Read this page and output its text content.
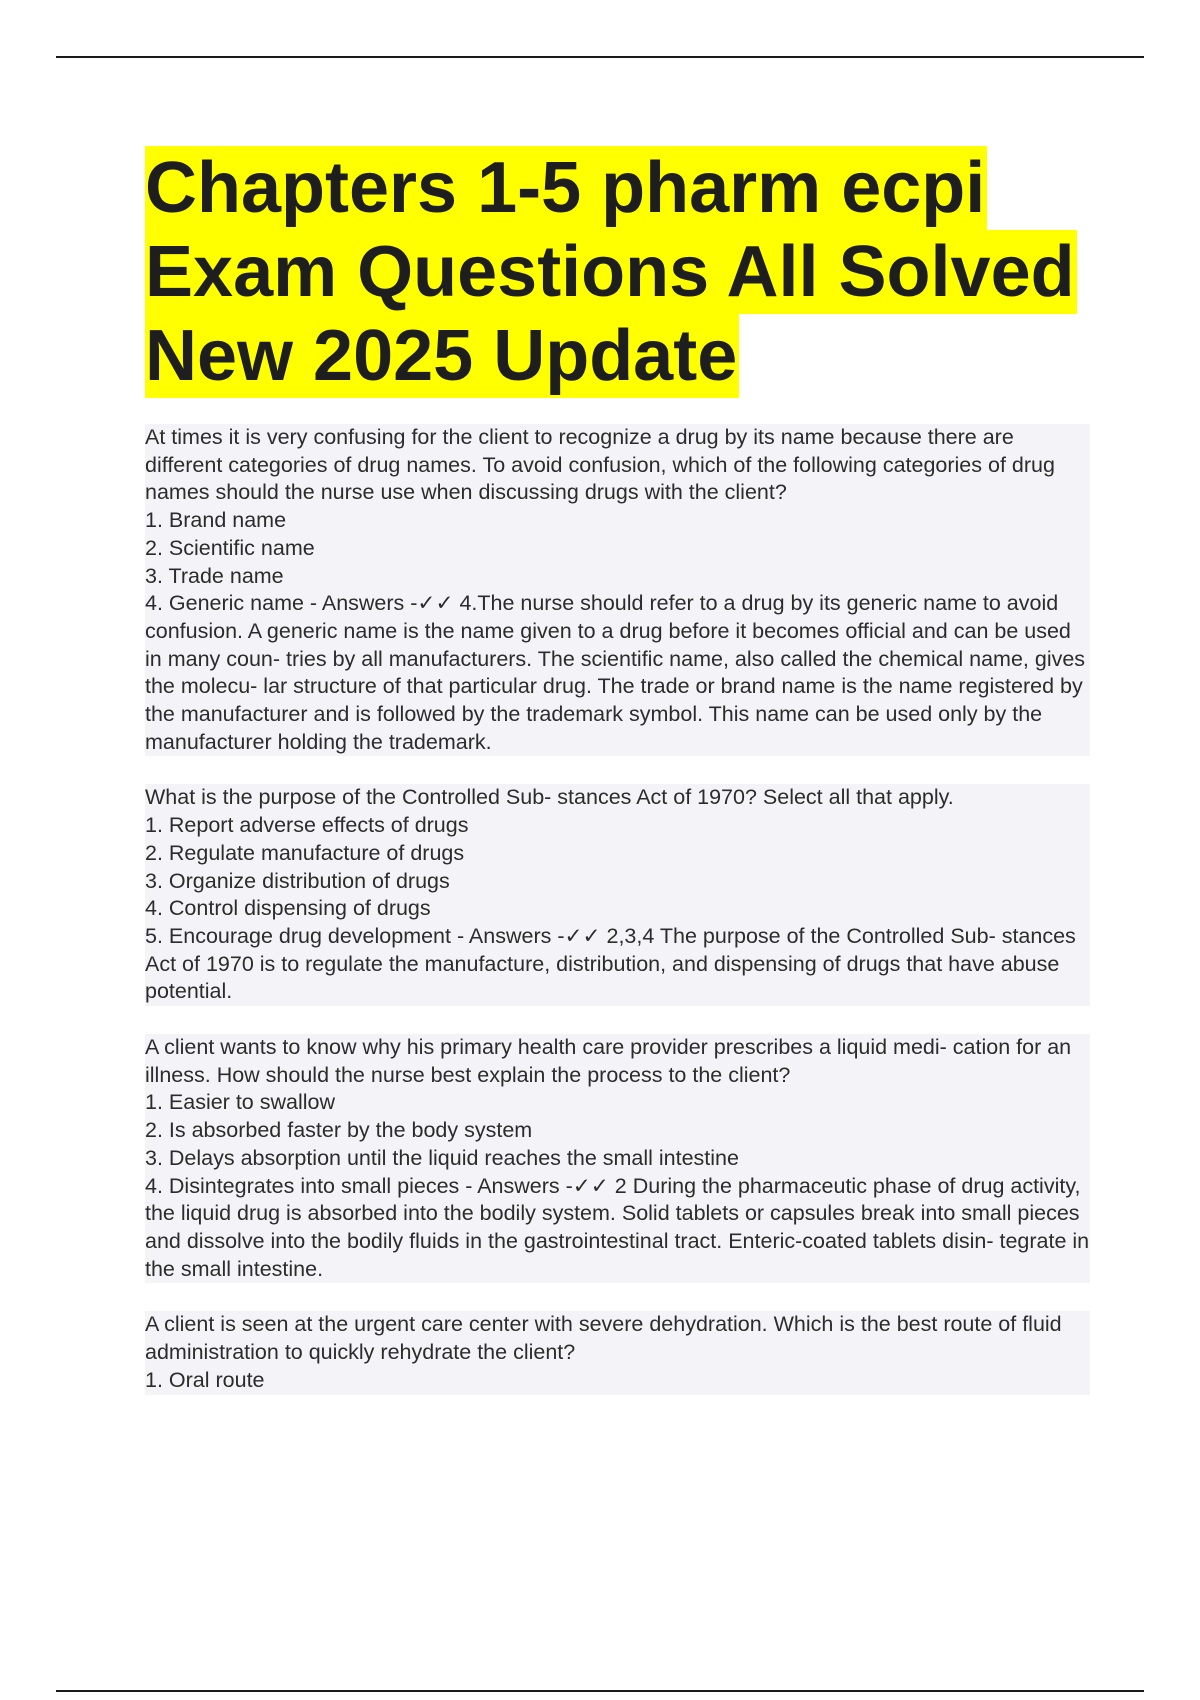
Chapters 1-5 pharm ecpi
Exam Questions All Solved
New 2025 Update

At times it is very confusing for the client to recognize a drug by its name because there are different categories of drug names. To avoid confusion, which of the following categories of drug names should the nurse use when discussing drugs with the client?

1. Brand name

2. Scientific name

3. Trade name

4. Generic name - Answers -✓✓ 4.The nurse should refer to a drug by its generic name to avoid confusion. A generic name is the name given to a drug before it becomes official and can be used in many coun- tries by all manufacturers. The scientific name, also called the chemical name, gives the molecu- lar structure of that particular drug. The trade or brand name is the name registered by the manufacturer and is followed by the trademark symbol. This name can be used only by the manufacturer holding the trademark.

What is the purpose of the Controlled Sub- stances Act of 1970? Select all that apply.

1. Report adverse effects of drugs

2. Regulate manufacture of drugs

3. Organize distribution of drugs

4. Control dispensing of drugs

5. Encourage drug development - Answers -✓✓ 2,3,4 The purpose of the Controlled Sub- stances Act of 1970 is to regulate the manufacture, distribution, and dispensing of drugs that have abuse potential.

A client wants to know why his primary health care provider prescribes a liquid medi- cation for an illness. How should the nurse best explain the process to the client?

1. Easier to swallow

2. Is absorbed faster by the body system

3. Delays absorption until the liquid reaches the small intestine

4. Disintegrates into small pieces - Answers -✓✓ 2 During the pharmaceutic phase of drug activity, the liquid drug is absorbed into the bodily system. Solid tablets or capsules break into small pieces and dissolve into the bodily fluids in the gastrointestinal tract. Enteric-coated tablets disin- tegrate in the small intestine.

A client is seen at the urgent care center with severe dehydration. Which is the best route of fluid administration to quickly rehydrate the client?

1. Oral route
